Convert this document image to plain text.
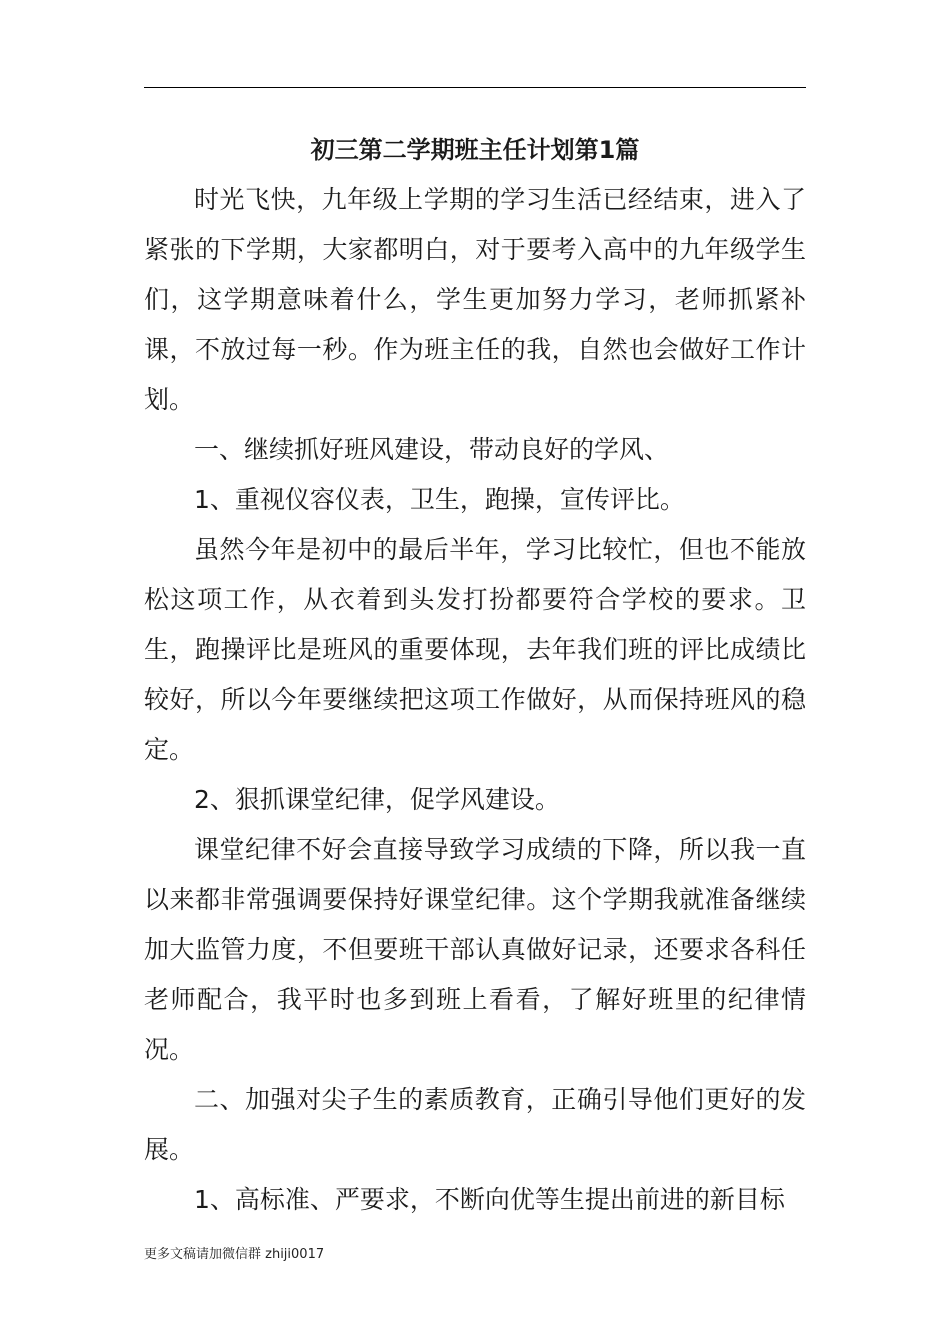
初三第二学期班主任计划第1篇

时光飞快，九年级上学期的学习生活已经结束，进入了紧张的下学期，大家都明白，对于要考入高中的九年级学生们，这学期意味着什么，学生更加努力学习，老师抓紧补课，不放过每一秒。作为班主任的我，自然也会做好工作计划。

一、继续抓好班风建设，带动良好的学风、

1、重视仪容仪表，卫生，跑操，宣传评比。

虽然今年是初中的最后半年，学习比较忙，但也不能放松这项工作，从衣着到头发打扮都要符合学校的要求。卫生，跑操评比是班风的重要体现，去年我们班的评比成绩比较好，所以今年要继续把这项工作做好，从而保持班风的稳定。

2、狠抓课堂纪律，促学风建设。

课堂纪律不好会直接导致学习成绩的下降，所以我一直以来都非常强调要保持好课堂纪律。这个学期我就准备继续加大监管力度，不但要班干部认真做好记录，还要求各科任老师配合，我平时也多到班上看看，了解好班里的纪律情况。

二、加强对尖子生的素质教育，正确引导他们更好的发展。

1、高标准、严要求，不断向优等生提出前进的新目标

更多文稿请加微信群 zhiji0017
